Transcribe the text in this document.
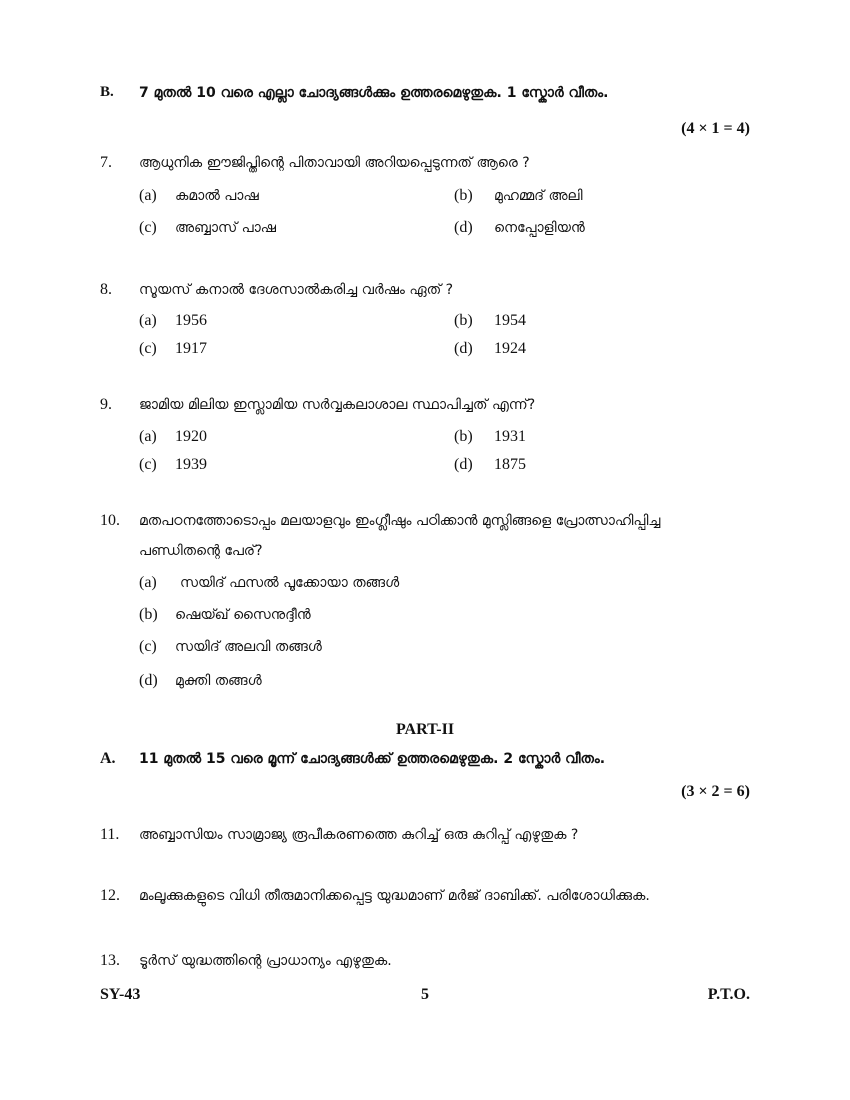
B. 7 മുതൽ 10 വരെ എല്ലാ ചോദ്യങ്ങൾക്കും ഉത്തരമെഴുതുക. 1 സ്കോർ വീതം.
(4 × 1 = 4)
7. ആധുനിക ഈജിപ്തിന്റെ പിതാവായി അറിയപ്പെടുന്നത് ആരെ ?
(a) കമാൽ പാഷ	(b) മുഹമ്മദ് അലി
(c) അബ്ബാസ് പാഷ	(d) നെപ്പോളിയൻ
8. സൂയസ് കനാൽ ദേശസാൽകരിച്ച വർഷം ഏത് ?
(a) 1956	(b) 1954
(c) 1917	(d) 1924
9. ജാമിയ മിലിയ ഇസ്ലാമിയ സർവ്വകലാശാല സ്ഥാപിച്ചത് എന്ന്?
(a) 1920	(b) 1931
(c) 1939	(d) 1875
10. മതപഠനത്തോടൊപ്പം മലയാളവും ഇംഗ്ലീഷും പഠിക്കാൻ മുസ്ലിങ്ങളെ പ്രോത്സാഹിപ്പിച്ച
പണ്ഡിതന്റെ പേര്?
(a) സയിദ് ഫസൽ പൂക്കോയാ തങ്ങൾ
(b) ഷെയ്ഖ് സൈനുദ്ദീൻ
(c) സയിദ് അലവി തങ്ങൾ
(d) മുക്തി തങ്ങൾ
PART-II
A. 11 മുതൽ 15 വരെ മൂന്ന് ചോദ്യങ്ങൾക്ക് ഉത്തരമെഴുതുക. 2 സ്കോർ വീതം.
(3 × 2 = 6)
11. അബ്ബാസിയം സാമ്രാജ്യ രൂപീകരണത്തെ കുറിച്ച് ഒരു കുറിപ്പ് എഴുതുക ?
12. മംലൂക്കുകളുടെ വിധി തീരുമാനിക്കപ്പെട്ട യുദ്ധമാണ് മർജ് ദാബിക്ക്. പരിശോധിക്കുക.
13. ടൂർസ് യുദ്ധത്തിന്റെ പ്രാധാന്യം എഴുതുക.
SY-43	5	P.T.O.
